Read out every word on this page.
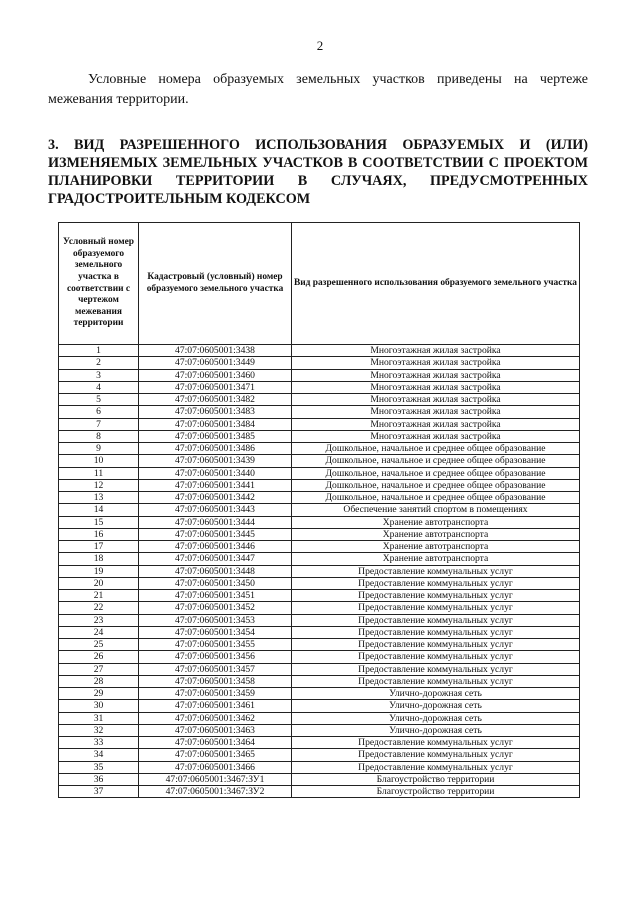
2

Условные номера образуемых земельных участков приведены на чертеже межевания территории.

3. ВИД РАЗРЕШЕННОГО ИСПОЛЬЗОВАНИЯ ОБРАЗУЕМЫХ И (ИЛИ) ИЗМЕНЯЕМЫХ ЗЕМЕЛЬНЫХ УЧАСТКОВ В СООТВЕТСТВИИ С ПРОЕКТОМ ПЛАНИРОВКИ ТЕРРИТОРИИ В СЛУЧАЯХ, ПРЕДУСМОТРЕННЫХ ГРАДОСТРОИТЕЛЬНЫМ КОДЕКСОМ
Условный номер образуемого земельного участка в соответствии с чертежом межевания территории	Кадастровый (условный) номер образуемого земельного участка	Вид разрешенного использования образуемого земельного участка
1	47:07:0605001:3438	Многоэтажная жилая застройка
2	47:07:0605001:3449	Многоэтажная жилая застройка
3	47:07:0605001:3460	Многоэтажная жилая застройка
4	47:07:0605001:3471	Многоэтажная жилая застройка
5	47:07:0605001:3482	Многоэтажная жилая застройка
6	47:07:0605001:3483	Многоэтажная жилая застройка
7	47:07:0605001:3484	Многоэтажная жилая застройка
8	47:07:0605001:3485	Многоэтажная жилая застройка
9	47:07:0605001:3486	Дошкольное, начальное и среднее общее образование
10	47:07:0605001:3439	Дошкольное, начальное и среднее общее образование
11	47:07:0605001:3440	Дошкольное, начальное и среднее общее образование
12	47:07:0605001:3441	Дошкольное, начальное и среднее общее образование
13	47:07:0605001:3442	Дошкольное, начальное и среднее общее образование
14	47:07:0605001:3443	Обеспечение занятий спортом в помещениях
15	47:07:0605001:3444	Хранение автотранспорта
16	47:07:0605001:3445	Хранение автотранспорта
17	47:07:0605001:3446	Хранение автотранспорта
18	47:07:0605001:3447	Хранение автотранспорта
19	47:07:0605001:3448	Предоставление коммунальных услуг
20	47:07:0605001:3450	Предоставление коммунальных услуг
21	47:07:0605001:3451	Предоставление коммунальных услуг
22	47:07:0605001:3452	Предоставление коммунальных услуг
23	47:07:0605001:3453	Предоставление коммунальных услуг
24	47:07:0605001:3454	Предоставление коммунальных услуг
25	47:07:0605001:3455	Предоставление коммунальных услуг
26	47:07:0605001:3456	Предоставление коммунальных услуг
27	47:07:0605001:3457	Предоставление коммунальных услуг
28	47:07:0605001:3458	Предоставление коммунальных услуг
29	47:07:0605001:3459	Улично-дорожная сеть
30	47:07:0605001:3461	Улично-дорожная сеть
31	47:07:0605001:3462	Улично-дорожная сеть
32	47:07:0605001:3463	Улично-дорожная сеть
33	47:07:0605001:3464	Предоставление коммунальных услуг
34	47:07:0605001:3465	Предоставление коммунальных услуг
35	47:07:0605001:3466	Предоставление коммунальных услуг
36	47:07:0605001:3467:ЗУ1	Благоустройство территории
37	47:07:0605001:3467:ЗУ2	Благоустройство территории
